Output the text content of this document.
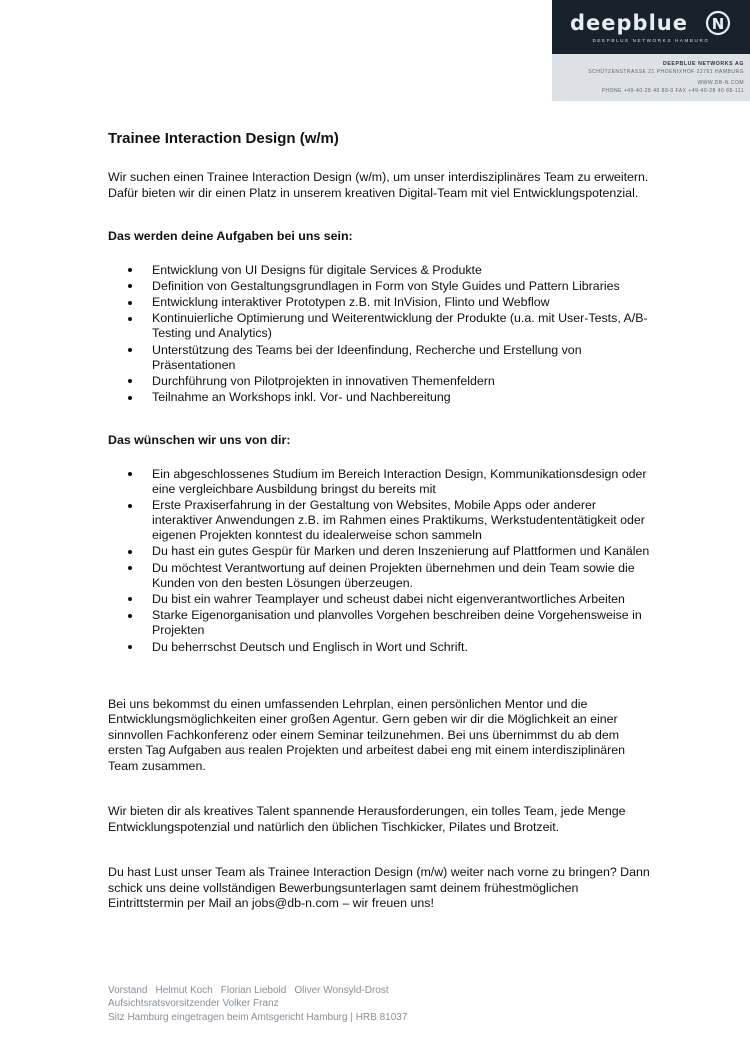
deepblue N
DEEPBLUE NETWORKS HAMBURG
DEEPBLUE NETWORKS AG
SCHÜTZENSTRASSE 21 PHOENIXHOF 22761 HAMBURG
WWW.DB-N.COM
PHONE +49-40-28 40 88-0 FAX +49-40-28 40 88-111
Trainee Interaction Design (w/m)

Wir suchen einen Trainee Interaction Design (w/m), um unser interdisziplinäres Team zu erweitern. Dafür bieten wir dir einen Platz in unserem kreativen Digital-Team mit viel Entwicklungspotenzial.

Das werden deine Aufgaben bei uns sein:

Entwicklung von UI Designs für digitale Services & Produkte
Definition von Gestaltungsgrundlagen in Form von Style Guides und Pattern Libraries
Entwicklung interaktiver Prototypen z.B. mit InVision, Flinto und Webflow
Kontinuierliche Optimierung und Weiterentwicklung der Produkte (u.a. mit User-Tests, A/B-Testing und Analytics)
Unterstützung des Teams bei der Ideenfindung, Recherche und Erstellung von Präsentationen
Durchführung von Pilotprojekten in innovativen Themenfeldern
Teilnahme an Workshops inkl. Vor- und Nachbereitung

Das wünschen wir uns von dir:

Ein abgeschlossenes Studium im Bereich Interaction Design, Kommunikationsdesign oder eine vergleichbare Ausbildung bringst du bereits mit
Erste Praxiserfahrung in der Gestaltung von Websites, Mobile Apps oder anderer interaktiver Anwendungen z.B. im Rahmen eines Praktikums, Werkstudententätigkeit oder eigenen Projekten konntest du idealerweise schon sammeln
Du hast ein gutes Gespür für Marken und deren Inszenierung auf Plattformen und Kanälen
Du möchtest Verantwortung auf deinen Projekten übernehmen und dein Team sowie die Kunden von den besten Lösungen überzeugen.
Du bist ein wahrer Teamplayer und scheust dabei nicht eigenverantwortliches Arbeiten
Starke Eigenorganisation und planvolles Vorgehen beschreiben deine Vorgehensweise in Projekten
Du beherrschst Deutsch und Englisch in Wort und Schrift.

Bei uns bekommst du einen umfassenden Lehrplan, einen persönlichen Mentor und die Entwicklungsmöglichkeiten einer großen Agentur. Gern geben wir dir die Möglichkeit an einer sinnvollen Fachkonferenz oder einem Seminar teilzunehmen. Bei uns übernimmst du ab dem ersten Tag Aufgaben aus realen Projekten und arbeitest dabei eng mit einem interdisziplinären Team zusammen.

Wir bieten dir als kreatives Talent spannende Herausforderungen, ein tolles Team, jede Menge Entwicklungspotenzial und natürlich den üblichen Tischkicker, Pilates und Brotzeit.

Du hast Lust unser Team als Trainee Interaction Design (m/w) weiter nach vorne zu bringen? Dann schick uns deine vollständigen Bewerbungsunterlagen samt deinem frühestmöglichen Eintrittstermin per Mail an jobs@db-n.com – wir freuen uns!

Vorstand Helmut Koch Florian Liebold Oliver Wonsyld-Drost
Aufsichtsratsvorsitzender Volker Franz
Sitz Hamburg eingetragen beim Amtsgericht Hamburg | HRB 81037
